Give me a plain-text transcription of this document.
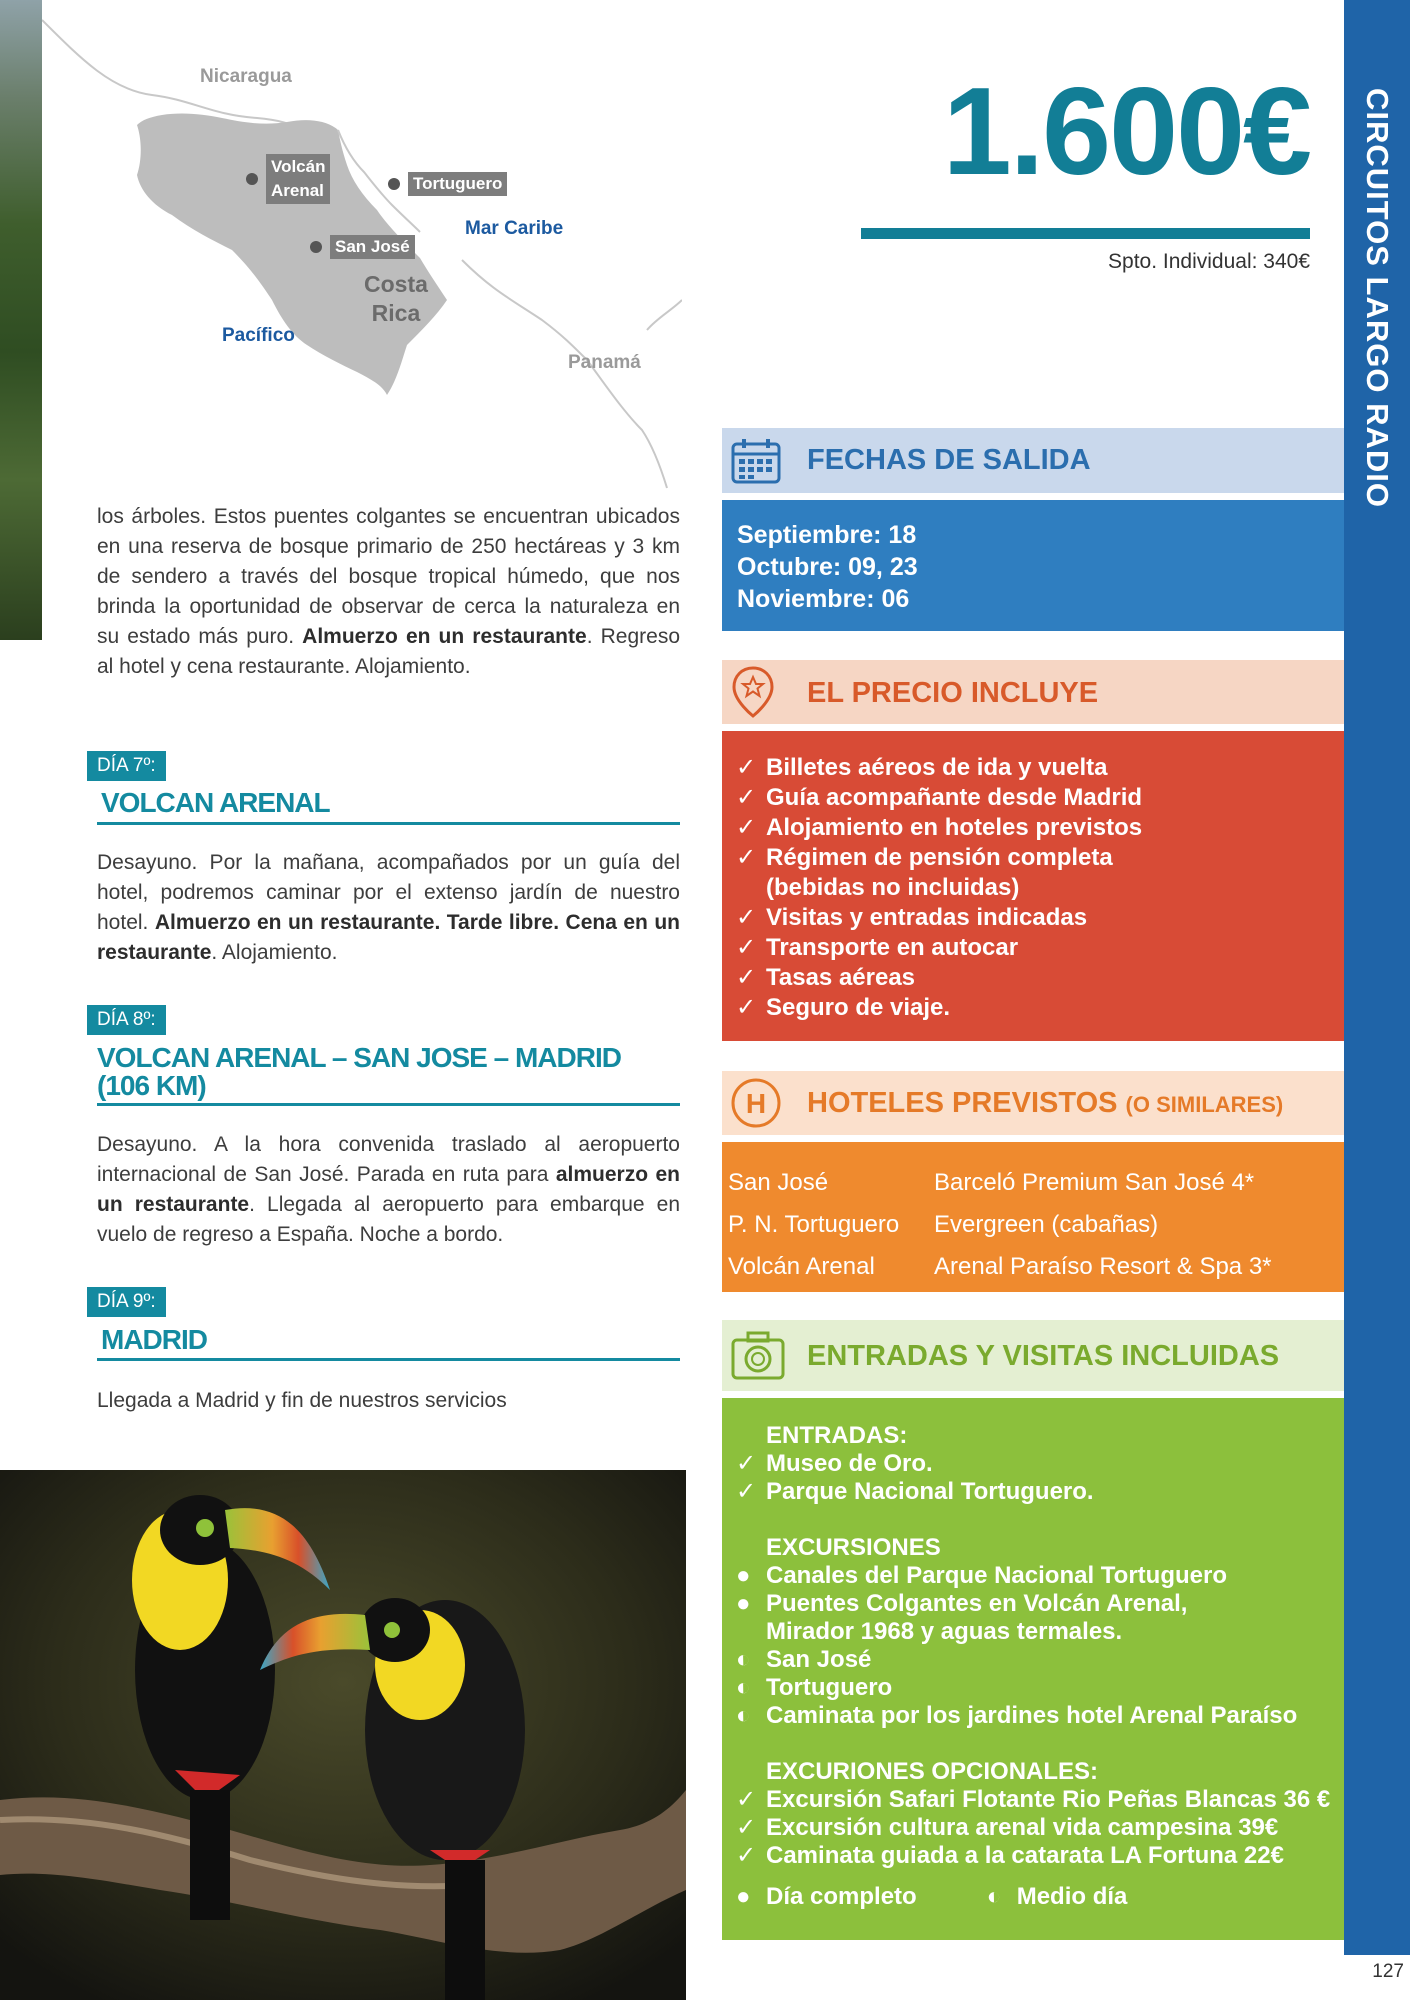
Nicaragua
Mar Caribe
Pacífico
Panamá
Costa
Rica
Volcán
Arenal	Tortuguero
San José
1.600€
Spto. Individual: 340€
los árboles. Estos puentes colgantes se encuentran ubicados en una reserva de bosque primario de 250 hectáreas y 3 km de sendero a través del bosque tropical húmedo, que nos brinda la oportunidad de observar de cerca la naturaleza en su estado más puro. Almuerzo en un restaurante. Regreso al hotel y cena restaurante. Alojamiento.
DÍA 7º:
VOLCAN ARENAL
Desayuno. Por la mañana, acompañados por un guía del hotel, podremos caminar por el extenso jardín de nuestro hotel. Almuerzo en un restaurante. Tarde libre. Cena en un restaurante. Alojamiento.
DÍA 8º:
VOLCAN ARENAL – SAN JOSE – MADRID
(106 KM)
Desayuno. A la hora convenida traslado al aeropuerto internacional de San José. Parada en ruta para almuerzo en un restaurante. Llegada al aeropuerto para embarque en vuelo de regreso a España. Noche a bordo.
DÍA 9º:
MADRID
Llegada a Madrid y fin de nuestros servicios
FECHAS DE SALIDA
Septiembre: 18
Octubre: 09, 23
Noviembre: 06
EL PRECIO INCLUYE
✓ Billetes aéreos de ida y vuelta
✓ Guía acompañante desde Madrid
✓ Alojamiento en hoteles previstos
✓ Régimen de pensión completa
(bebidas no incluidas)
✓ Visitas y entradas indicadas
✓ Transporte en autocar
✓ Tasas aéreas
✓ Seguro de viaje.
H HOTELES PREVISTOS (O SIMILARES)
San José	Barceló Premium San José 4*
P. N. Tortuguero	Evergreen (cabañas)
Volcán Arenal	Arenal Paraíso Resort & Spa 3*
ENTRADAS Y VISITAS INCLUIDAS
ENTRADAS:
✓ Museo de Oro.
✓ Parque Nacional Tortuguero.
EXCURSIONES
● Canales del Parque Nacional Tortuguero
● Puentes Colgantes en Volcán Arenal,
Mirador 1968 y aguas termales.
◐ San José
◐ Tortuguero
◐ Caminata por los jardines hotel Arenal Paraíso
EXCURIONES OPCIONALES:
✓ Excursión Safari Flotante Rio Peñas Blancas 36 €
✓ Excursión cultura arenal vida campesina 39€
✓ Caminata guiada a la catarata LA Fortuna 22€
● Día completo	◐ Medio día
CIRCUITOS LARGO RADIO
127
